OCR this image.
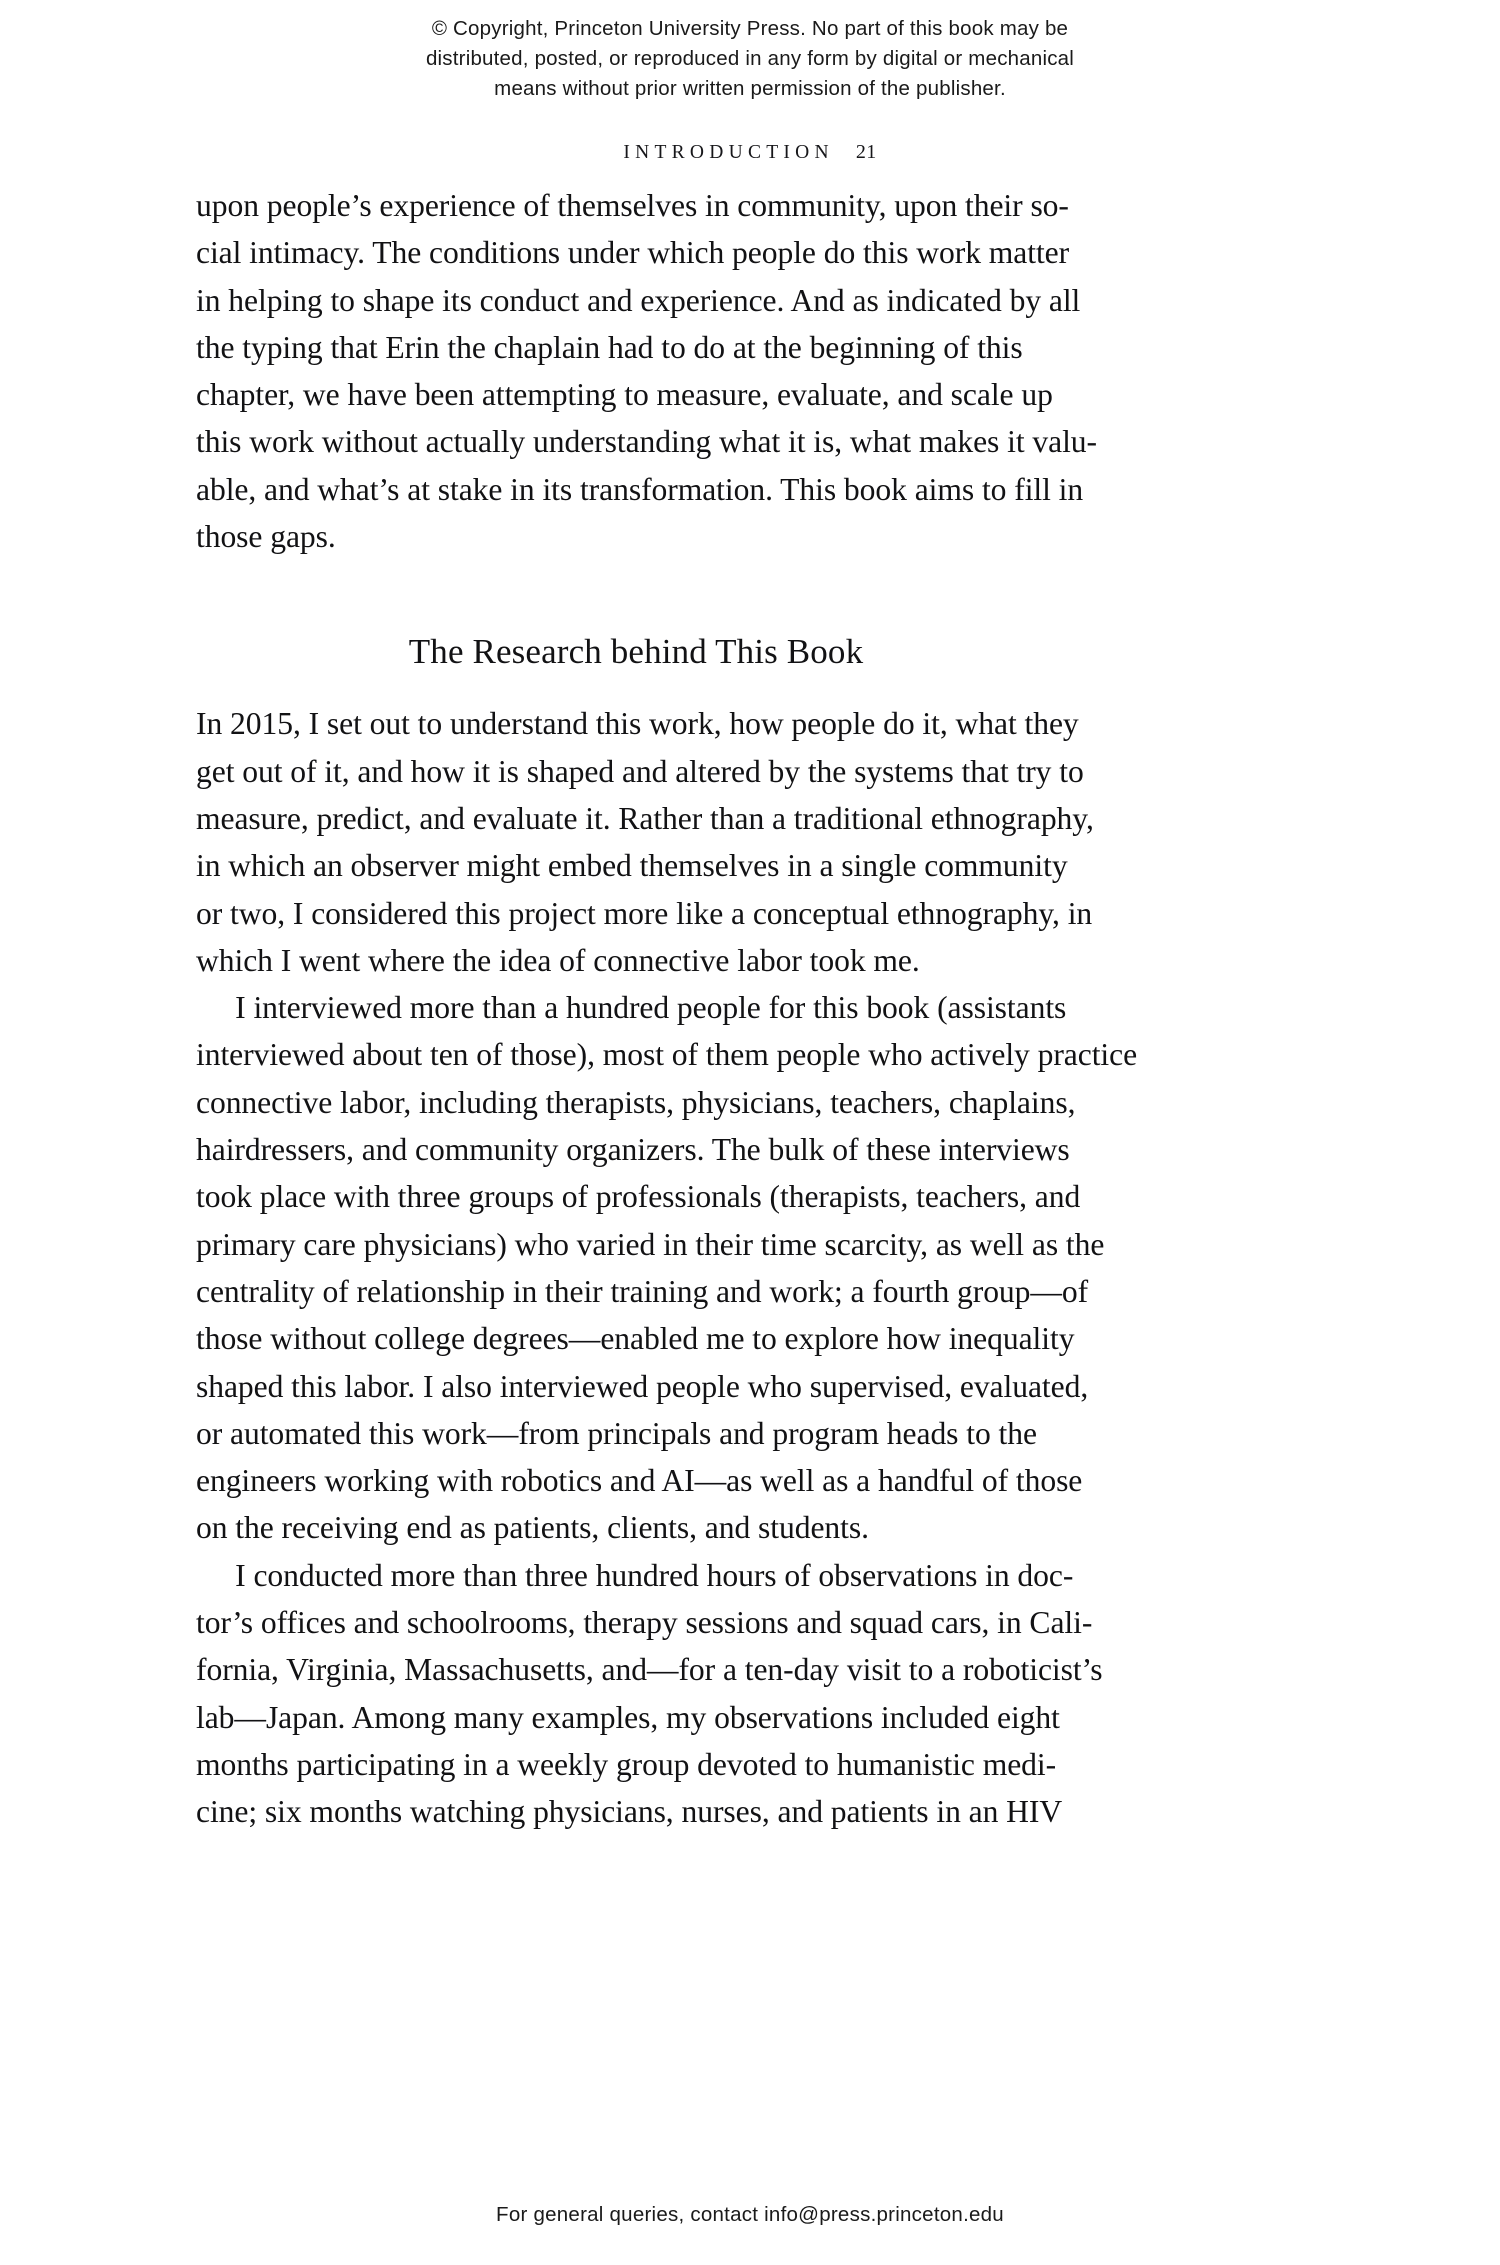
© Copyright, Princeton University Press. No part of this book may be
distributed, posted, or reproduced in any form by digital or mechanical
means without prior written permission of the publisher.
INTRODUCTION 21

upon people’s experience of themselves in community, upon their so-
cial intimacy. The conditions under which people do this work matter
in helping to shape its conduct and experience. And as indicated by all
the typing that Erin the chaplain had to do at the beginning of this
chapter, we have been attempting to measure, evaluate, and scale up
this work without actually understanding what it is, what makes it valu-
able, and what’s at stake in its transformation. This book aims to fill in
those gaps.

The Research behind This Book

In 2015, I set out to understand this work, how people do it, what they
get out of it, and how it is shaped and altered by the systems that try to
measure, predict, and evaluate it. Rather than a traditional ethnography,
in which an observer might embed themselves in a single community
or two, I considered this project more like a conceptual ethnography, in
which I went where the idea of connective labor took me.

I interviewed more than a hundred people for this book (assistants
interviewed about ten of those), most of them people who actively practice
connective labor, including therapists, physicians, teachers, chaplains,
hairdressers, and community organizers. The bulk of these interviews
took place with three groups of professionals (therapists, teachers, and
primary care physicians) who varied in their time scarcity, as well as the
centrality of relationship in their training and work; a fourth group—of
those without college degrees—enabled me to explore how inequality
shaped this labor. I also interviewed people who supervised, evaluated,
or automated this work—from principals and program heads to the
engineers working with robotics and AI—as well as a handful of those
on the receiving end as patients, clients, and students.

I conducted more than three hundred hours of observations in doc-
tor’s offices and schoolrooms, therapy sessions and squad cars, in Cali-
fornia, Virginia, Massachusetts, and—for a ten-day visit to a roboticist’s
lab—Japan. Among many examples, my observations included eight
months participating in a weekly group devoted to humanistic medi-
cine; six months watching physicians, nurses, and patients in an HIV

For general queries, contact info@press.princeton.edu
